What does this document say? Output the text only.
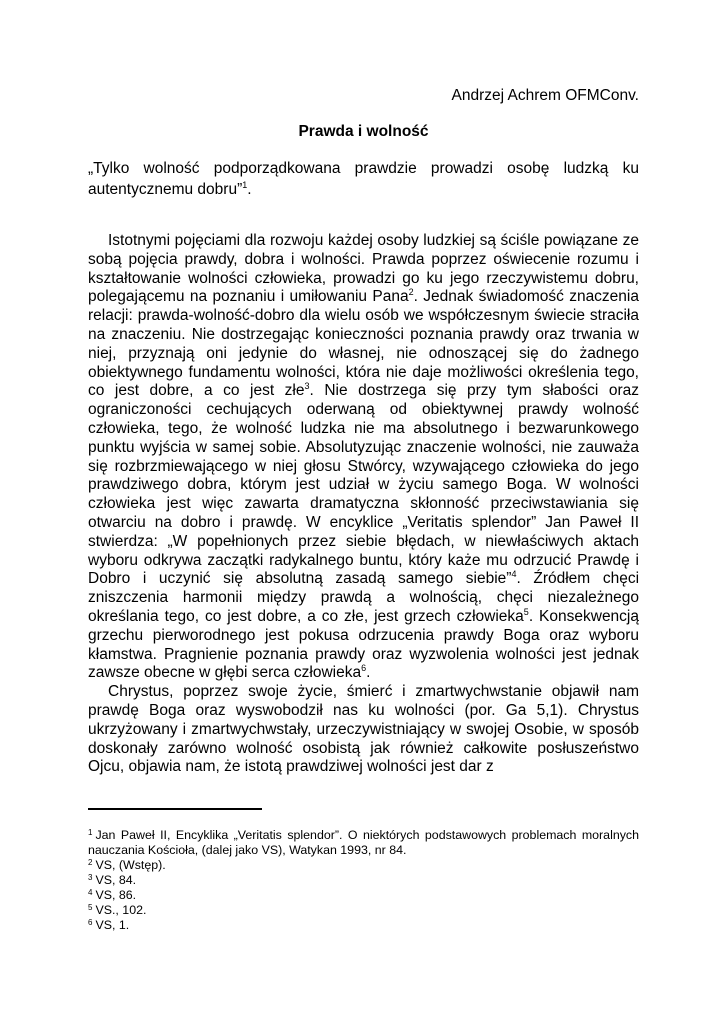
Andrzej Achrem OFMConv.
Prawda i wolność
„Tylko wolność podporządkowana prawdzie prowadzi osobę ludzką ku autentycznemu dobru”$^1$.

Istotnymi pojęciami dla rozwoju każdej osoby ludzkiej są ściśle powiązane ze sobą pojęcia prawdy, dobra i wolności. Prawda poprzez oświecenie rozumu i kształtowanie wolności człowieka, prowadzi go ku jego rzeczywistemu dobru, polegającemu na poznaniu i umiłowaniu Pana$^2$. Jednak świadomość znaczenia relacji: prawda-wolność-dobro dla wielu osób we współczesnym świecie straciła na znaczeniu. Nie dostrzegając konieczności poznania prawdy oraz trwania w niej, przyznają oni jedynie do własnej, nie odnoszącej się do żadnego obiektywnego fundamentu wolności, która nie daje możliwości określenia tego, co jest dobre, a co jest złe$^3$. Nie dostrzega się przy tym słabości oraz ograniczoności cechujących oderwaną od obiektywnej prawdy wolność człowieka, tego, że wolność ludzka nie ma absolutnego i bezwarunkowego punktu wyjścia w samej sobie. Absolutyzując znaczenie wolności, nie zauważa się rozbrzmiewającego w niej głosu Stwórcy, wzywającego człowieka do jego prawdziwego dobra, którym jest udział w życiu samego Boga. W wolności człowieka jest więc zawarta dramatyczna skłonność przeciwstawiania się otwarciu na dobro i prawdę. W encyklice „Veritatis splendor” Jan Paweł II stwierdza: „W popełnionych przez siebie błędach, w niewłaściwych aktach wyboru odkrywa zaczątki radykalnego buntu, który każe mu odrzucić Prawdę i Dobro i uczynić się absolutną zasadą samego siebie”$^4$. Źródłem chęci zniszczenia harmonii między prawdą a wolnością, chęci niezależnego określania tego, co jest dobre, a co złe, jest grzech człowieka$^5$. Konsekwencją grzechu pierworodnego jest pokusa odrzucenia prawdy Boga oraz wyboru kłamstwa. Pragnienie poznania prawdy oraz wyzwolenia wolności jest jednak zawsze obecne w głębi serca człowieka$^6$.

Chrystus, poprzez swoje życie, śmierć i zmartwychwstanie objawił nam prawdę Boga oraz wyswobodził nas ku wolności (por. Ga 5,1). Chrystus ukrzyżowany i zmartwychwstały, urzeczywistniający w swojej Osobie, w sposób doskonały zarówno wolność osobistą jak również całkowite posłuszeństwo Ojcu, objawia nam, że istotą prawdziwej wolności jest dar z

$^1$ Jan Paweł II, Encyklika „Veritatis splendor”. O niektórych podstawowych problemach moralnych nauczania Kościoła, (dalej jako VS), Watykan 1993, nr 84.

$^2$ VS, (Wstęp).

$^3$ VS, 84.

$^4$ VS, 86.

$^5$ VS., 102.

$^6$ VS, 1.
